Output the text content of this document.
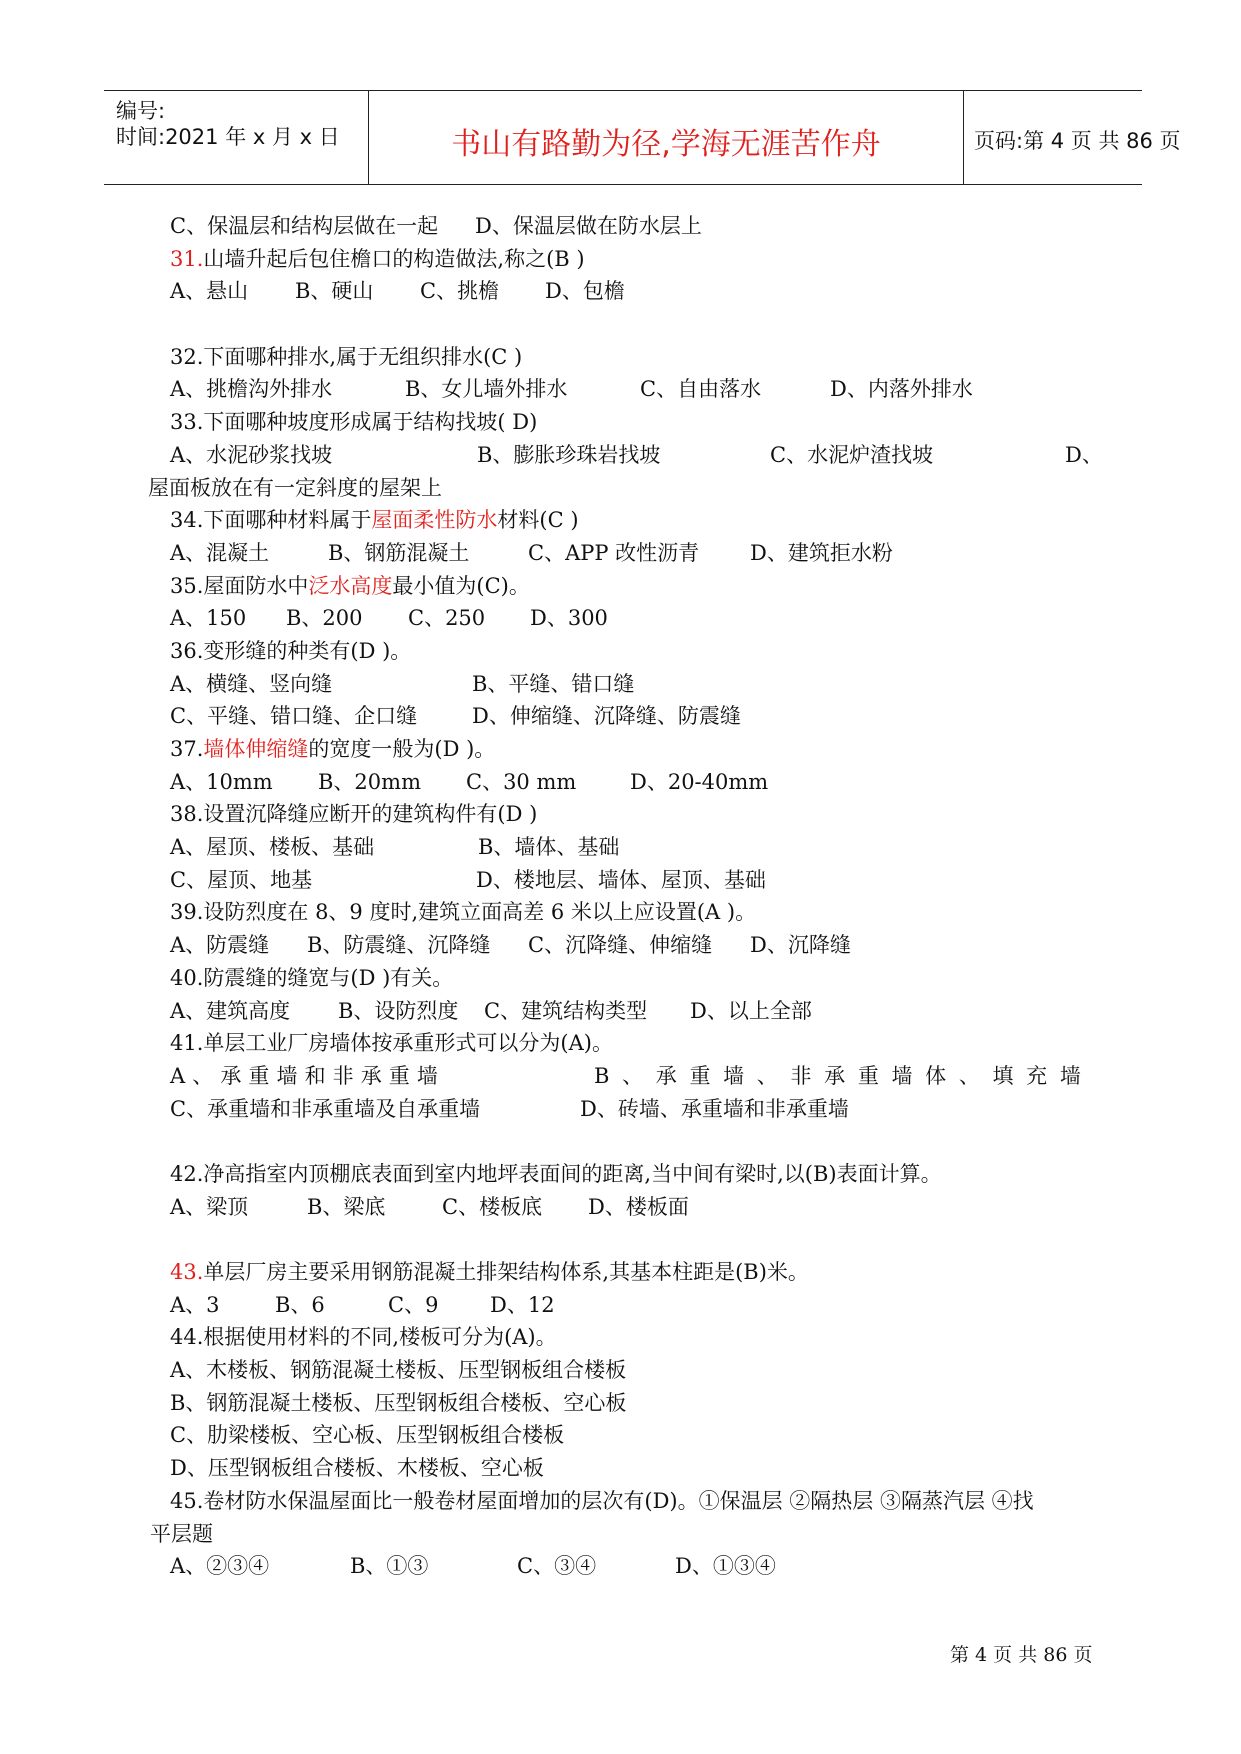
编号:
时间:2021 年 x 月 x 日	书山有路勤为径,学海无涯苦作舟	页码:第 4 页 共 86 页
C、保温层和结构层做在一起 D、保温层做在防水层上
31.山墙升起后包住檐口的构造做法,称之(B )
A、悬山 B、硬山 C、挑檐 D、包檐
32.下面哪种排水,属于无组织排水(C )
A、挑檐沟外排水	B、女儿墙外排水	C、自由落水	D、内落外排水
33.下面哪种坡度形成属于结构找坡( D)
A、水泥砂浆找坡	B、膨胀珍珠岩找坡	C、水泥炉渣找坡	D、
屋面板放在有一定斜度的屋架上
34.下面哪种材料属于屋面柔性防水材料(C )
A、混凝土	B、钢筋混凝土	C、APP 改性沥青 D、建筑拒水粉
35.屋面防水中泛水高度最小值为(C)。
A、150 B、200 C、250 D、300
36.变形缝的种类有(D )。
A、横缝、竖向缝	B、平缝、错口缝
C、平缝、错口缝、企口缝	D、伸缩缝、沉降缝、防震缝
37.墙体伸缩缝的宽度一般为(D )。
A、10mm B、20mm C、30 mm	D、20-40mm
38.设置沉降缝应断开的建筑构件有(D )
A、屋顶、楼板、基础	B、墙体、基础
C、屋顶、地基	D、楼地层、墙体、屋顶、基础
39.设防烈度在 8、9 度时,建筑立面高差 6 米以上应设置(A )。
A、防震缝 B、防震缝、沉降缝 C、沉降缝、伸缩缝 D、沉降缝
40.防震缝的缝宽与(D )有关。
A、建筑高度 B、设防烈度 C、建筑结构类型 D、以上全部
41.单层工业厂房墙体按承重形式可以分为(A)。
A 、 承 重 墙 和 非 承 重 墙	B 、 承 重 墙 、 非 承 重 墙 体 、 填 充 墙
C、承重墙和非承重墙及自承重墙	D、砖墙、承重墙和非承重墙
42.净高指室内顶棚底表面到室内地坪表面间的距离,当中间有梁时,以(B)表面计算。
A、梁顶	B、梁底	C、楼板底 D、楼板面
43.单层厂房主要采用钢筋混凝土排架结构体系,其基本柱距是(B)米。
A、3	B、6	C、9 D、12
44.根据使用材料的不同,楼板可分为(A)。
A、木楼板、钢筋混凝土楼板、压型钢板组合楼板
B、钢筋混凝土楼板、压型钢板组合楼板、空心板
C、肋梁楼板、空心板、压型钢板组合楼板
D、压型钢板组合楼板、木楼板、空心板
45.卷材防水保温屋面比一般卷材屋面增加的层次有(D)。①保温层 ②隔热层 ③隔蒸汽层 ④找
平层题
A、②③④	B、①③	C、③④	D、①③④
第 4 页 共 86 页
